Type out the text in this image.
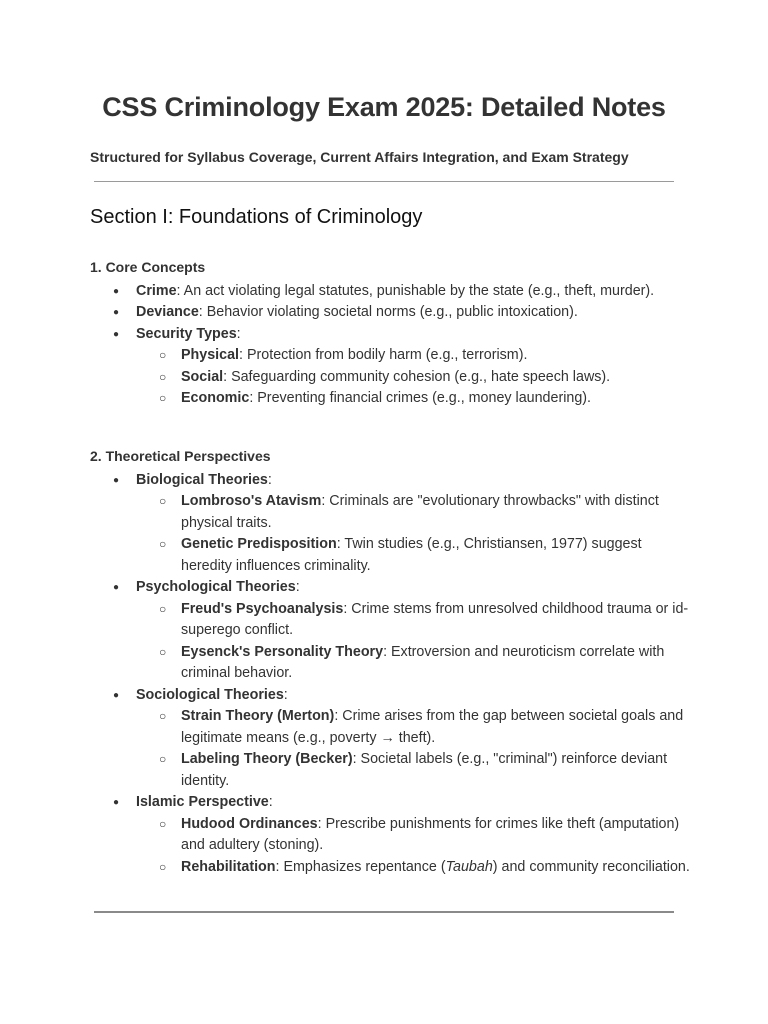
CSS Criminology Exam 2025: Detailed Notes

Structured for Syllabus Coverage, Current Affairs Integration, and Exam Strategy

Section I: Foundations of Criminology
1. Core Concepts
● Crime: An act violating legal statutes, punishable by the state (e.g., theft, murder).
● Deviance: Behavior violating societal norms (e.g., public intoxication).
● Security Types:
○ Physical: Protection from bodily harm (e.g., terrorism).
○ Social: Safeguarding community cohesion (e.g., hate speech laws).
○ Economic: Preventing financial crimes (e.g., money laundering).
2. Theoretical Perspectives
● Biological Theories:
○ Lombroso's Atavism: Criminals are "evolutionary throwbacks" with distinct physical traits.
○ Genetic Predisposition: Twin studies (e.g., Christiansen, 1977) suggest heredity influences criminality.
● Psychological Theories:
○ Freud's Psychoanalysis: Crime stems from unresolved childhood trauma or id-superego conflict.
○ Eysenck's Personality Theory: Extroversion and neuroticism correlate with criminal behavior.
● Sociological Theories:
○ Strain Theory (Merton): Crime arises from the gap between societal goals and legitimate means (e.g., poverty → theft).
○ Labeling Theory (Becker): Societal labels (e.g., "criminal") reinforce deviant identity.
● Islamic Perspective:
○ Hudood Ordinances: Prescribe punishments for crimes like theft (amputation) and adultery (stoning).
○ Rehabilitation: Emphasizes repentance (Taubah) and community reconciliation.
